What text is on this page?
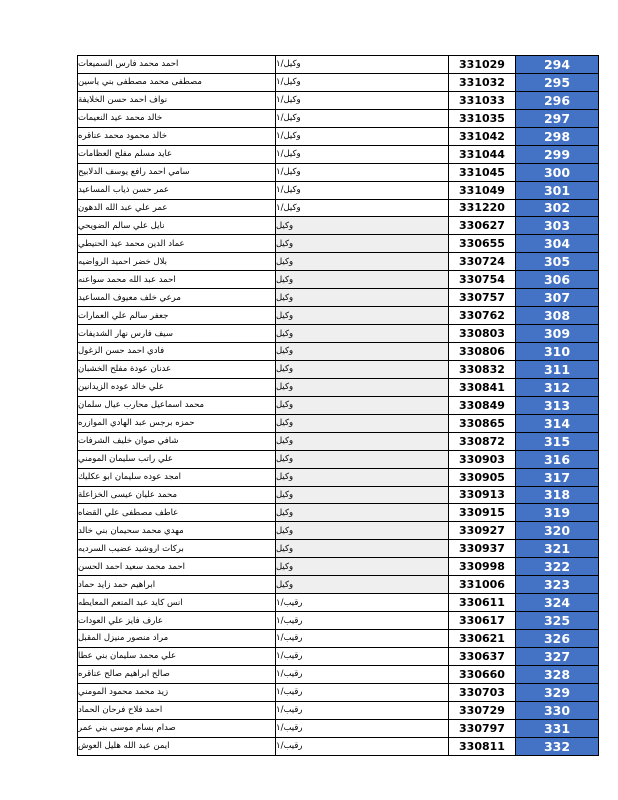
احمد محمد فارس السميعات	وكيل/١	331029	294
مصطفى محمد مصطفى بني ياسين	وكيل/١	331032	295
نواف احمد حسن الخلايفة	وكيل/١	331033	296
خالد محمد عيد النعيمات	وكيل/١	331035	297
خالد محمود محمد عناقره	وكيل/١	331042	298
عايد مسلم مفلح العظامات	وكيل/١	331044	299
سامي احمد رافع يوسف الدلابيح	وكيل/١	331045	300
عمر حسن ذياب المساعيد	وكيل/١	331049	301
عمر علي عبد الله الدهون	وكيل/١	331220	302
نايل علي سالم الضويحي	وكيل	330627	303
عماد الدين محمد عيد الحنيطي	وكيل	330655	304
بلال خضر احميد الرواضيه	وكيل	330724	305
احمد عبد الله محمد سواعنه	وكيل	330754	306
مرعي خلف معيوف المساعيد	وكيل	330757	307
جعفر سالم علي العمارات	وكيل	330762	308
سيف فارس نهار الشديفات	وكيل	330803	309
فادي احمد حسن الزغول	وكيل	330806	310
عدنان عودة مفلح الخشبان	وكيل	330832	311
علي خالد عوده الزيدانين	وكيل	330841	312
محمد اسماعيل محارب عيال سلمان	وكيل	330849	313
حمزه برجس عبد الهادي الموازره	وكيل	330865	314
شافي صوان خليف الشرفات	وكيل	330872	315
علي راتب سليمان المومني	وكيل	330903	316
امجد عوده سليمان ابو عكليك	وكيل	330905	317
محمد عليان عيسى الخزاعلة	وكيل	330913	318
عاطف مصطفى علي القضاه	وكيل	330915	319
مهدي محمد سحيمان بني خالد	وكيل	330927	320
بركات اروشيد عضيب السرديه	وكيل	330937	321
احمد محمد سعيد احمد الحسن	وكيل	330998	322
ابراهيم حمد زايد حماد	وكيل	331006	323
انس كايد عبد المنعم المعايطه	رقيب/١	330611	324
عارف فايز علي العودات	رقيب/١	330617	325
مراد منصور منيزل المقبل	رقيب/١	330621	326
علي محمد سليمان بني عطا	رقيب/١	330637	327
صالح ابراهيم صالح عناقره	رقيب/١	330660	328
زيد محمد محمود المومني	رقيب/١	330703	329
احمد فلاح فرحان الحماد	رقيب/١	330729	330
صدام بسام موسى بني عمر	رقيب/١	330797	331
ايمن عبد الله هليل العوش	رقيب/١	330811	332
